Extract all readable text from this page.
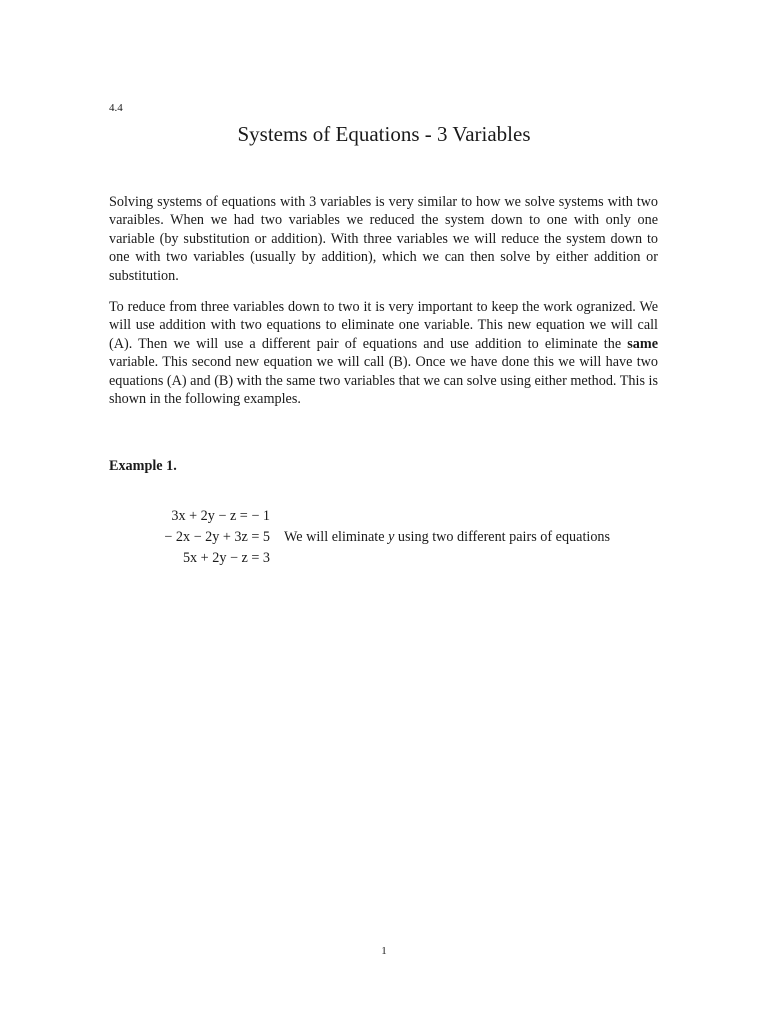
4.4
Systems of Equations - 3 Variables

Solving systems of equations with 3 variables is very similar to how we solve systems with two varaibles. When we had two variables we reduced the system down to one with only one variable (by substitution or addition). With three variables we will reduce the system down to one with two variables (usually by addition), which we can then solve by either addition or substitution.

To reduce from three variables down to two it is very important to keep the work ogranized. We will use addition with two equations to eliminate one variable. This new equation we will call (A). Then we will use a different pair of equations and use addition to eliminate the same variable. This second new equation we will call (B). Once we have done this we will have two equations (A) and (B) with the same two variables that we can solve using either method. This is shown in the following examples.

Example 1.
3x + 2y − z = − 1
− 2x − 2y + 3z = 5
5x + 2y − z = 3
We will eliminate y using two different pairs of equations
1
